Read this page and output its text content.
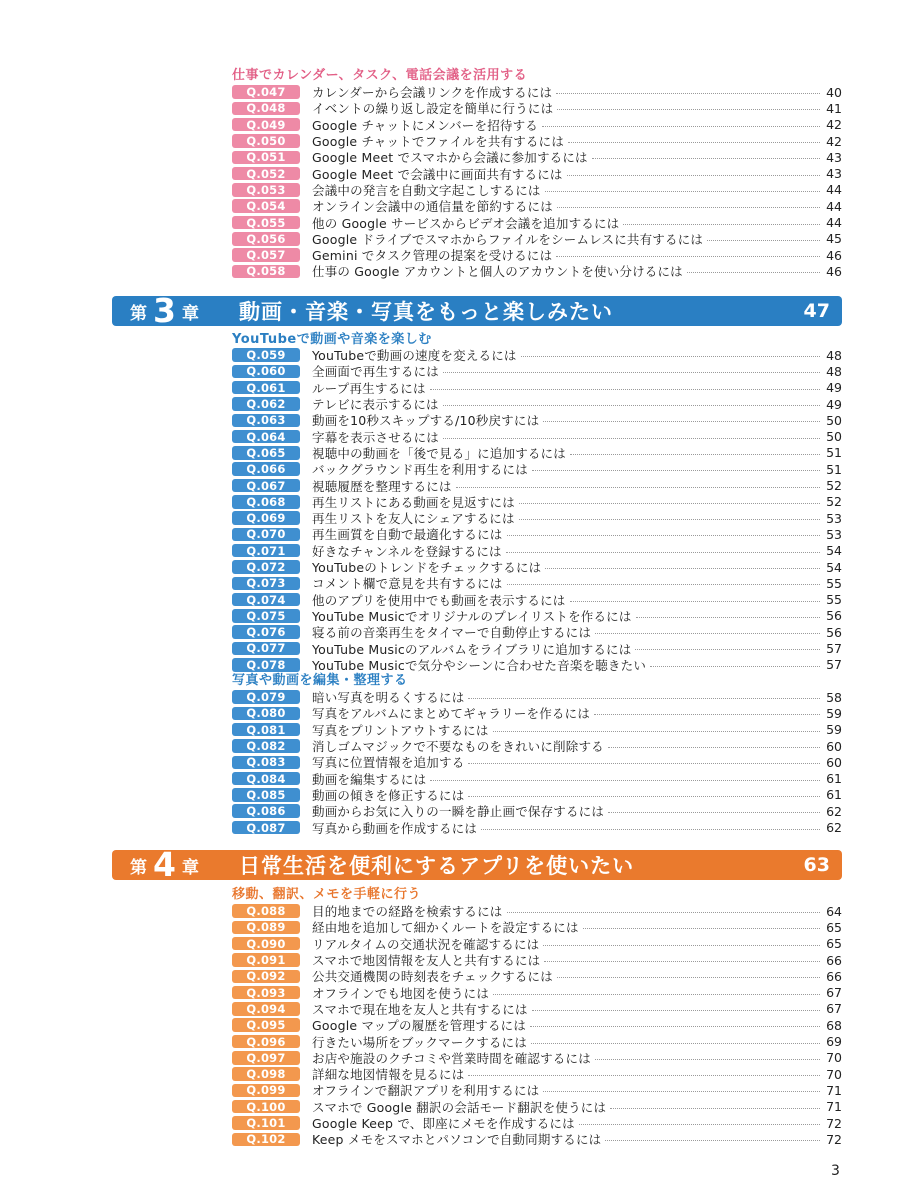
仕事でカレンダー、タスク、電話会議を活用する
Q.047	カレンダーから会議リンクを作成するには	40
Q.048	イベントの繰り返し設定を簡単に行うには	41
Q.049	Google チャットにメンバーを招待する	42
Q.050	Google チャットでファイルを共有するには	42
Q.051	Google Meet でスマホから会議に参加するには	43
Q.052	Google Meet で会議中に画面共有するには	43
Q.053	会議中の発言を自動文字起こしするには	44
Q.054	オンライン会議中の通信量を節約するには	44
Q.055	他の Google サービスからビデオ会議を追加するには	44
Q.056	Google ドライブでスマホからファイルをシームレスに共有するには	45
Q.057	Gemini でタスク管理の提案を受けるには	46
Q.058	仕事の Google アカウントと個人のアカウントを使い分けるには	46
第 3 章 動画・音楽・写真をもっと楽しみたい	47
YouTubeで動画や音楽を楽しむ
Q.059	YouTubeで動画の速度を変えるには	48
Q.060	全画面で再生するには	48
Q.061	ループ再生するには	49
Q.062	テレビに表示するには	49
Q.063	動画を10秒スキップする/10秒戻すには	50
Q.064	字幕を表示させるには	50
Q.065	視聴中の動画を「後で見る」に追加するには	51
Q.066	バックグラウンド再生を利用するには	51
Q.067	視聴履歴を整理するには	52
Q.068	再生リストにある動画を見返すには	52
Q.069	再生リストを友人にシェアするには	53
Q.070	再生画質を自動で最適化するには	53
Q.071	好きなチャンネルを登録するには	54
Q.072	YouTubeのトレンドをチェックするには	54
Q.073	コメント欄で意見を共有するには	55
Q.074	他のアプリを使用中でも動画を表示するには	55
Q.075	YouTube Musicでオリジナルのプレイリストを作るには	56
Q.076	寝る前の音楽再生をタイマーで自動停止するには	56
Q.077	YouTube Musicのアルバムをライブラリに追加するには	57
Q.078	YouTube Musicで気分やシーンに合わせた音楽を聴きたい	57
写真や動画を編集・整理する
Q.079	暗い写真を明るくするには	58
Q.080	写真をアルバムにまとめてギャラリーを作るには	59
Q.081	写真をプリントアウトするには	59
Q.082	消しゴムマジックで不要なものをきれいに削除する	60
Q.083	写真に位置情報を追加する	60
Q.084	動画を編集するには	61
Q.085	動画の傾きを修正するには	61
Q.086	動画からお気に入りの一瞬を静止画で保存するには	62
Q.087	写真から動画を作成するには	62
第 4 章 日常生活を便利にするアプリを使いたい	63
移動、翻訳、メモを手軽に行う
Q.088	目的地までの経路を検索するには	64
Q.089	経由地を追加して細かくルートを設定するには	65
Q.090	リアルタイムの交通状況を確認するには	65
Q.091	スマホで地図情報を友人と共有するには	66
Q.092	公共交通機関の時刻表をチェックするには	66
Q.093	オフラインでも地図を使うには	67
Q.094	スマホで現在地を友人と共有するには	67
Q.095	Google マップの履歴を管理するには	68
Q.096	行きたい場所をブックマークするには	69
Q.097	お店や施設のクチコミや営業時間を確認するには	70
Q.098	詳細な地図情報を見るには	70
Q.099	オフラインで翻訳アプリを利用するには	71
Q.100	スマホで Google 翻訳の会話モード翻訳を使うには	71
Q.101	Google Keep で、即座にメモを作成するには	72
Q.102	Keep メモをスマホとパソコンで自動同期するには	72
3
